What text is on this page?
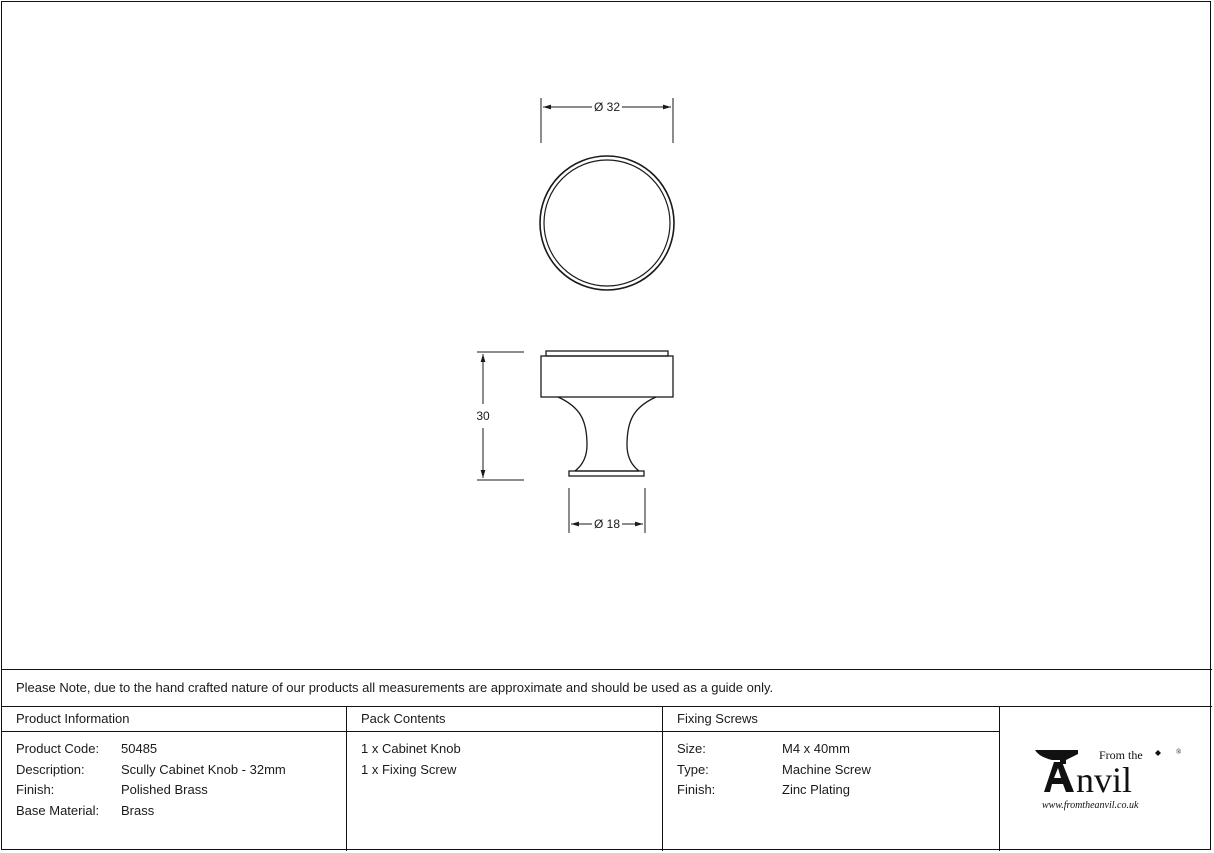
Ø 32
30
Ø 18
Please Note, due to the hand crafted nature of our products all measurements are approximate and should be used as a guide only.
Product Information
Product Code: 50485
Description:	Scully Cabinet Knob - 32mm
Finish:	Polished Brass
Base Material: Brass
Pack Contents
1 x Cabinet Knob
1 x Fixing Screw
Fixing Screws
Size:	M4 x 40mm
Type:	Machine Screw
Finish:	Zinc Plating
From the	®
nvil
www.fromtheanvil.co.uk
